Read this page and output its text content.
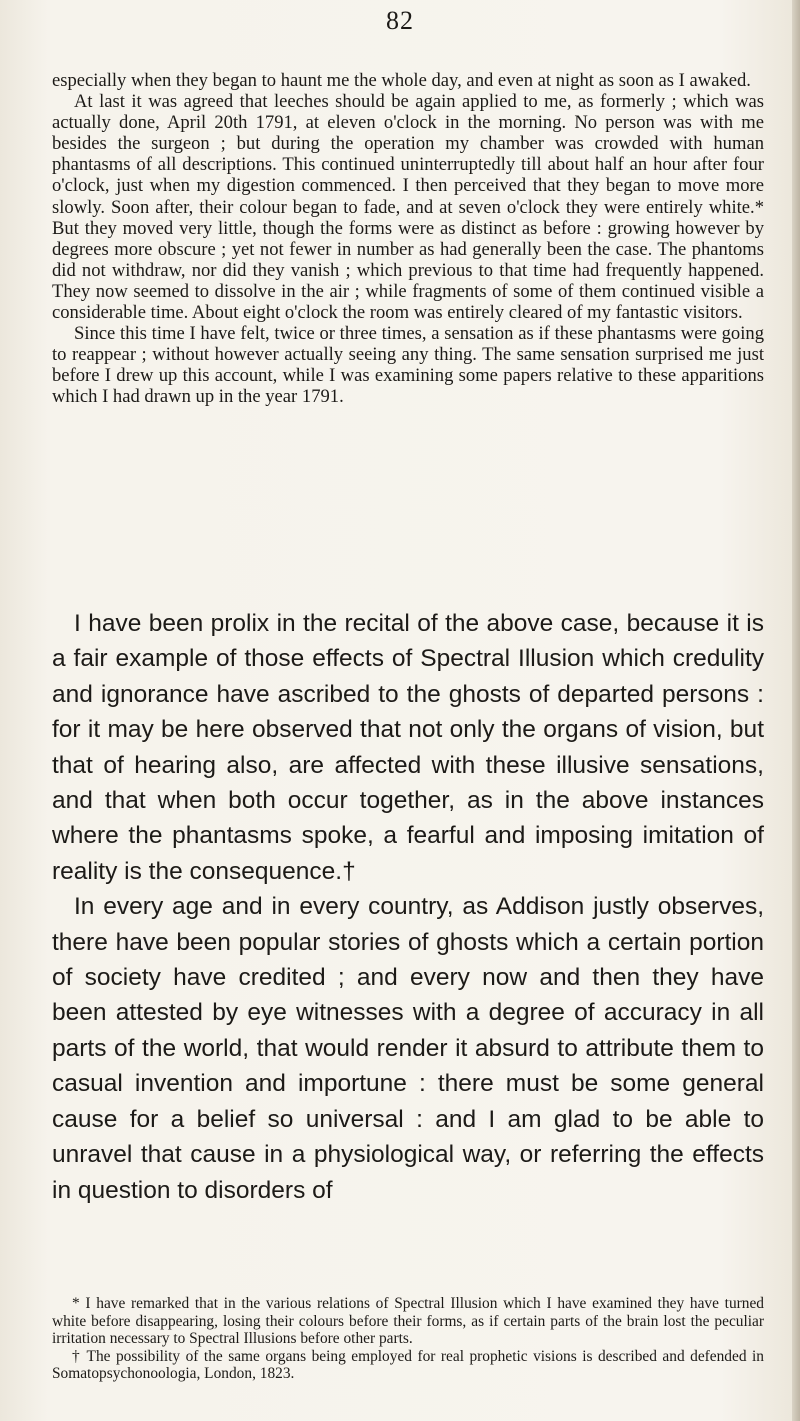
82

especially when they began to haunt me the whole day, and even at night as soon as I awaked.

At last it was agreed that leeches should be again applied to me, as formerly ; which was actually done, April 20th 1791, at eleven o'clock in the morning. No person was with me besides the surgeon ; but during the operation my chamber was crowded with human phantasms of all descriptions. This continued uninterruptedly till about half an hour after four o'clock, just when my digestion commenced. I then perceived that they began to move more slowly. Soon after, their colour began to fade, and at seven o'clock they were entirely white.* But they moved very little, though the forms were as distinct as before : growing however by degrees more obscure ; yet not fewer in number as had generally been the case. The phantoms did not withdraw, nor did they vanish ; which previous to that time had frequently happened. They now seemed to dissolve in the air ; while fragments of some of them continued visible a considerable time. About eight o'clock the room was entirely cleared of my fantastic visitors.

Since this time I have felt, twice or three times, a sensation as if these phantasms were going to reappear ; without however actually seeing any thing. The same sensation surprised me just before I drew up this account, while I was examining some papers relative to these apparitions which I had drawn up in the year 1791.

I have been prolix in the recital of the above case, because it is a fair example of those effects of Spectral Illusion which credulity and ignorance have ascribed to the ghosts of departed persons : for it may be here observed that not only the organs of vision, but that of hearing also, are affected with these illusive sensations, and that when both occur together, as in the above instances where the phantasms spoke, a fearful and imposing imitation of reality is the consequence.†

In every age and in every country, as Addison justly observes, there have been popular stories of ghosts which a certain portion of society have credited ; and every now and then they have been attested by eye witnesses with a degree of accuracy in all parts of the world, that would render it absurd to attribute them to casual invention and importune : there must be some general cause for a belief so universal : and I am glad to be able to unravel that cause in a physiological way, or referring the effects in question to disorders of

* I have remarked that in the various relations of Spectral Illusion which I have examined they have turned white before disappearing, losing their colours before their forms, as if certain parts of the brain lost the peculiar irritation necessary to Spectral Illusions before other parts.

† The possibility of the same organs being employed for real prophetic visions is described and defended in Somatopsychonoologia, London, 1823.
